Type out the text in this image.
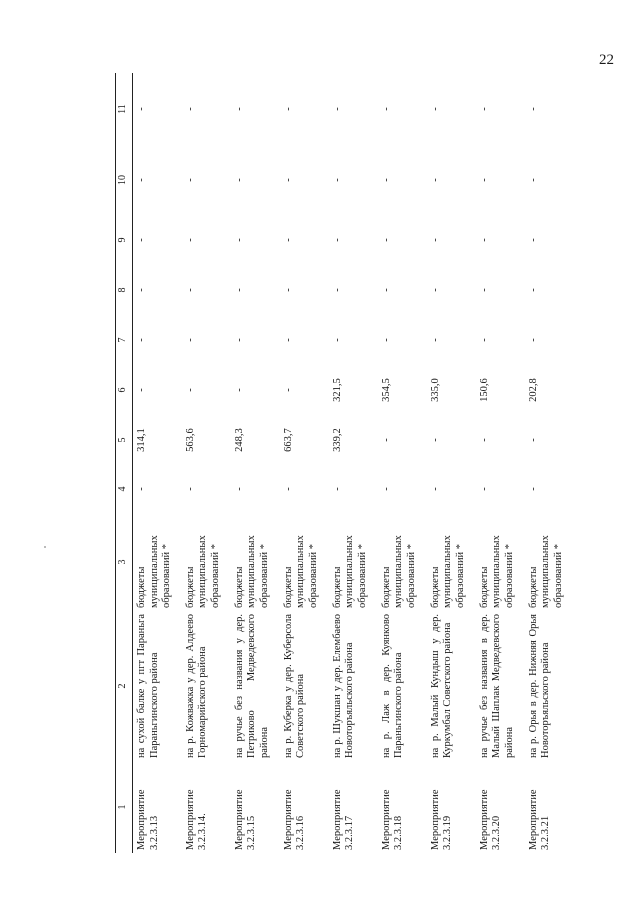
22
1	2	3	4	5	6	7	8	9	10	11
Мероприятие 3.2.3.13	на сухой балке у пгт Параньга Параньгинского района	бюджеты муниципальных образований *	-	314,1	-	-	-	-	-	-
Мероприятие 3.2.3.14.	на р. Кожважка у дер. Алдеево Горномарийского района	бюджеты муниципальных образований *	-	563,6	-	-	-	-	-	-
Мероприятие 3.2.3.15	на ручье без названия у дер. Петриково Медведевского района	бюджеты муниципальных образований *	-	248,3	-	-	-	-	-	-
Мероприятие 3.2.3.16	на р. Куберка у дер. Куберсола Советского района	бюджеты муниципальных образований *	-	663,7	-	-	-	-	-	-
Мероприятие 3.2.3.17	на р. Шукшан у дер. Елембаево Новоторъяльского района	бюджеты муниципальных образований *	-	339,2	321,5	-	-	-	-	-
Мероприятие 3.2.3.18	на р. Лаж в дер. Куянково Параньгинского района	бюджеты муниципальных образований *	-	-	354,5	-	-	-	-	-
Мероприятие 3.2.3.19	на р. Малый Кундыш у дер. Куркумбал Советского района	бюджеты муниципальных образований *	-	-	335,0	-	-	-	-	-
Мероприятие 3.2.3.20	на ручье без названия в дер. Малый Шаплак Медведевского района	бюджеты муниципальных образований *	-	-	150,6	-	-	-	-	-
Мероприятие 3.2.3.21	на р. Орья в дер. Нижняя Орья Новоторъяльского района	бюджеты муниципальных образований *	-	-	202,8	-	-	-	-	-
